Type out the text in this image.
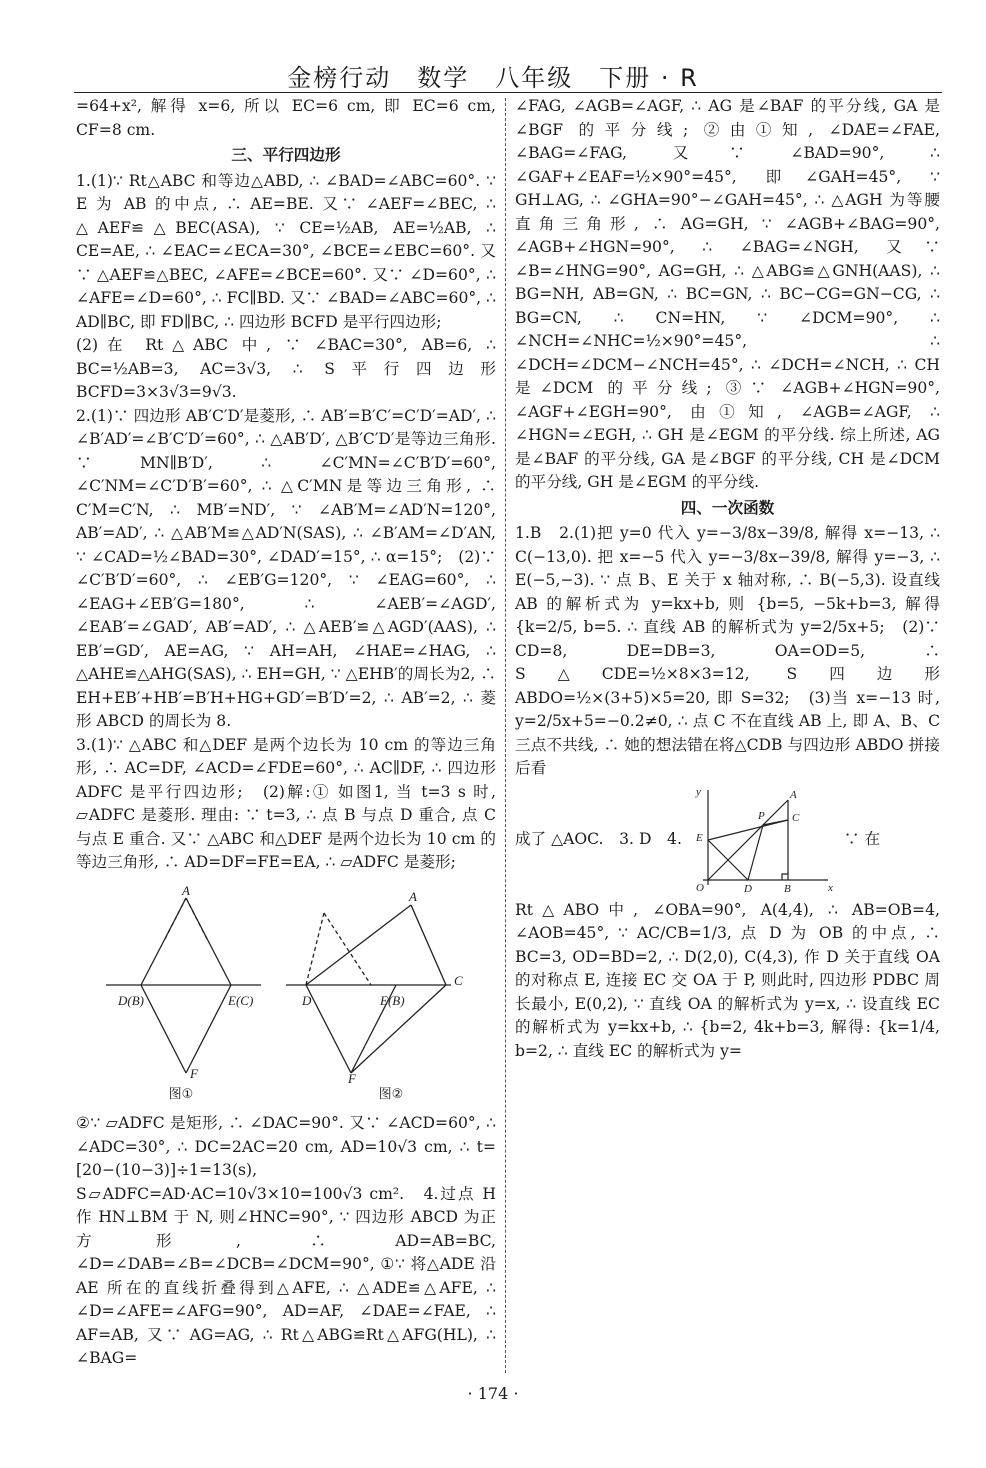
金榜行动　数学　八年级　下册 · R

=64+x², 解得 x=6, 所以 EC=6 cm, 即 EC=6 cm, CF=8 cm.

三、平行四边形

1.(1)∵ Rt△ABC 和等边△ABD, ∴ ∠BAD=∠ABC=60°. ∵ E 为 AB 的中点, ∴ AE=BE. 又∵ ∠AEF=∠BEC, ∴ △AEF≌△BEC(ASA), ∵ CE=½AB, AE=½AB, ∴ CE=AE, ∴ ∠EAC=∠ECA=30°, ∠BCE=∠EBC=60°. 又∵ △AEF≌△BEC, ∠AFE=∠BCE=60°. 又∵ ∠D=60°, ∴ ∠AFE=∠D=60°, ∴ FC∥BD. 又∵ ∠BAD=∠ABC=60°, ∴ AD∥BC, 即 FD∥BC, ∴ 四边形 BCFD 是平行四边形;

(2)在 Rt△ABC 中, ∵ ∠BAC=30°, AB=6, ∴ BC=½AB=3, AC=3√3, ∴ S平行四边形BCFD=3×3√3=9√3.

2.(1)∵ 四边形 AB′C′D′是菱形, ∴ AB′=B′C′=C′D′=AD′, ∴ ∠B′AD′=∠B′C′D′=60°, ∴ △AB′D′, △B′C′D′是等边三角形. ∵ MN∥B′D′, ∴ ∠C′MN=∠C′B′D′=60°, ∠C′NM=∠C′D′B′=60°, ∴ △C′MN是等边三角形, ∴ C′M=C′N, ∴ MB′=ND′, ∵ ∠AB′M=∠AD′N=120°, AB′=AD′, ∴ △AB′M≌△AD′N(SAS), ∴ ∠B′AM=∠D′AN, ∵ ∠CAD=½∠BAD=30°, ∠DAD′=15°, ∴ α=15°;　(2)∵ ∠C′B′D′=60°, ∴ ∠EB′G=120°, ∵ ∠EAG=60°, ∴ ∠EAG+∠EB′G=180°, ∴ ∠AEB′=∠AGD′, ∠EAB′=∠GAD′, AB′=AD′, ∴ △AEB′≌△AGD′(AAS), ∴ EB′=GD′, AE=AG, ∵ AH=AH, ∠HAE=∠HAG, ∴ △AHE≌△AHG(SAS), ∴ EH=GH, ∵ △EHB′的周长为2, ∴ EH+EB′+HB′=B′H+HG+GD′=B′D′=2, ∴ AB′=2, ∴ 菱形 ABCD 的周长为 8.

3.(1)∵ △ABC 和△DEF 是两个边长为 10 cm 的等边三角形, ∴ AC=DF, ∠ACD=∠FDE=60°, ∴ AC∥DF, ∴ 四边形 ADFC 是平行四边形;　(2)解:① 如图1, 当 t=3 s 时, ▱ADFC 是菱形. 理由: ∵ t=3, ∴ 点 B 与点 D 重合, 点 C 与点 E 重合. 又∵ △ABC 和△DEF 是两个边长为 10 cm 的等边三角形, ∴ AD=DF=FE=EA, ∴ ▱ADFC 是菱形;

A
D(B)	E(C)
F
A
C
D	E(B)
F
图①	图②

②∵ ▱ADFC 是矩形, ∴ ∠DAC=90°. 又∵ ∠ACD=60°, ∴ ∠ADC=30°, ∴ DC=2AC=20 cm, AD=10√3 cm, ∴ t=[20−(10−3)]÷1=13(s), S▱ADFC=AD·AC=10√3×10=100√3 cm².　4.过点 H 作 HN⊥BM 于 N, 则∠HNC=90°, ∵ 四边形 ABCD 为正方形, ∴ AD=AB=BC, ∠D=∠DAB=∠B=∠DCB=∠DCM=90°, ①∵ 将△ADE 沿 AE 所在的直线折叠得到△AFE, ∴ △ADE≌△AFE, ∴ ∠D=∠AFE=∠AFG=90°, AD=AF, ∠DAE=∠FAE, ∴ AF=AB, 又∵ AG=AG, ∴ Rt△ABG≌Rt△AFG(HL), ∴ ∠BAG=

∠FAG, ∠AGB=∠AGF, ∴ AG 是∠BAF 的平分线, GA 是∠BGF 的平分线; ②由①知, ∠DAE=∠FAE, ∠BAG=∠FAG, 又∵ ∠BAD=90°, ∴ ∠GAF+∠EAF=½×90°=45°, 即∠GAH=45°, ∵ GH⊥AG, ∴ ∠GHA=90°−∠GAH=45°, ∴ △AGH 为等腰直角三角形, ∴ AG=GH, ∵ ∠AGB+∠BAG=90°, ∠AGB+∠HGN=90°, ∴ ∠BAG=∠NGH, 又∵ ∠B=∠HNG=90°, AG=GH, ∴ △ABG≌△GNH(AAS), ∴ BG=NH, AB=GN, ∴ BC=GN, ∴ BC−CG=GN−CG, ∴ BG=CN, ∴ CN=HN, ∵ ∠DCM=90°, ∴ ∠NCH=∠NHC=½×90°=45°, ∴ ∠DCH=∠DCM−∠NCH=45°, ∴ ∠DCH=∠NCH, ∴ CH 是∠DCM 的平分线; ③∵ ∠AGB+∠HGN=90°, ∠AGF+∠EGH=90°, 由①知, ∠AGB=∠AGF, ∴ ∠HGN=∠EGH, ∴ GH 是∠EGM 的平分线. 综上所述, AG 是∠BAF 的平分线, GA 是∠BGF 的平分线, CH 是∠DCM 的平分线, GH 是∠EGM 的平分线.

四、一次函数

1.B　2.(1)把 y=0 代入 y=−3/8x−39/8, 解得 x=−13, ∴ C(−13,0). 把 x=−5 代入 y=−3/8x−39/8, 解得 y=−3, ∴ E(−5,−3). ∵ 点 B、E 关于 x 轴对称, ∴ B(−5,3). 设直线 AB 的解析式为 y=kx+b, 则 {b=5, −5k+b=3, 解得 {k=2/5, b=5. ∴ 直线 AB 的解析式为 y=2/5x+5;　(2)∵ CD=8, DE=DB=3, OA=OD=5, ∴ S△CDE=½×8×3=12, S四边形ABDO=½×(3+5)×5=20, 即 S=32;　(3)当 x=−13 时, y=2/5x+5=−0.2≠0, ∴ 点 C 不在直线 AB 上, 即 A、B、C 三点不共线, ∴ 她的想法错在将△CDB 与四边形 ABDO 拼接后看

成了 △AOC.　3. D　4.
y	A
P C
E
O	D	B	x
∵ 在

Rt△ABO中, ∠OBA=90°, A(4,4), ∴ AB=OB=4, ∠AOB=45°, ∵ AC/CB=1/3, 点 D 为 OB 的中点, ∴ BC=3, OD=BD=2, ∴ D(2,0), C(4,3), 作 D 关于直线 OA 的对称点 E, 连接 EC 交 OA 于 P, 则此时, 四边形 PDBC 周长最小, E(0,2), ∵ 直线 OA 的解析式为 y=x, ∴ 设直线 EC 的解析式为 y=kx+b, ∴ {b=2, 4k+b=3, 解得: {k=1/4, b=2, ∴ 直线 EC 的解析式为 y=

· 174 ·
